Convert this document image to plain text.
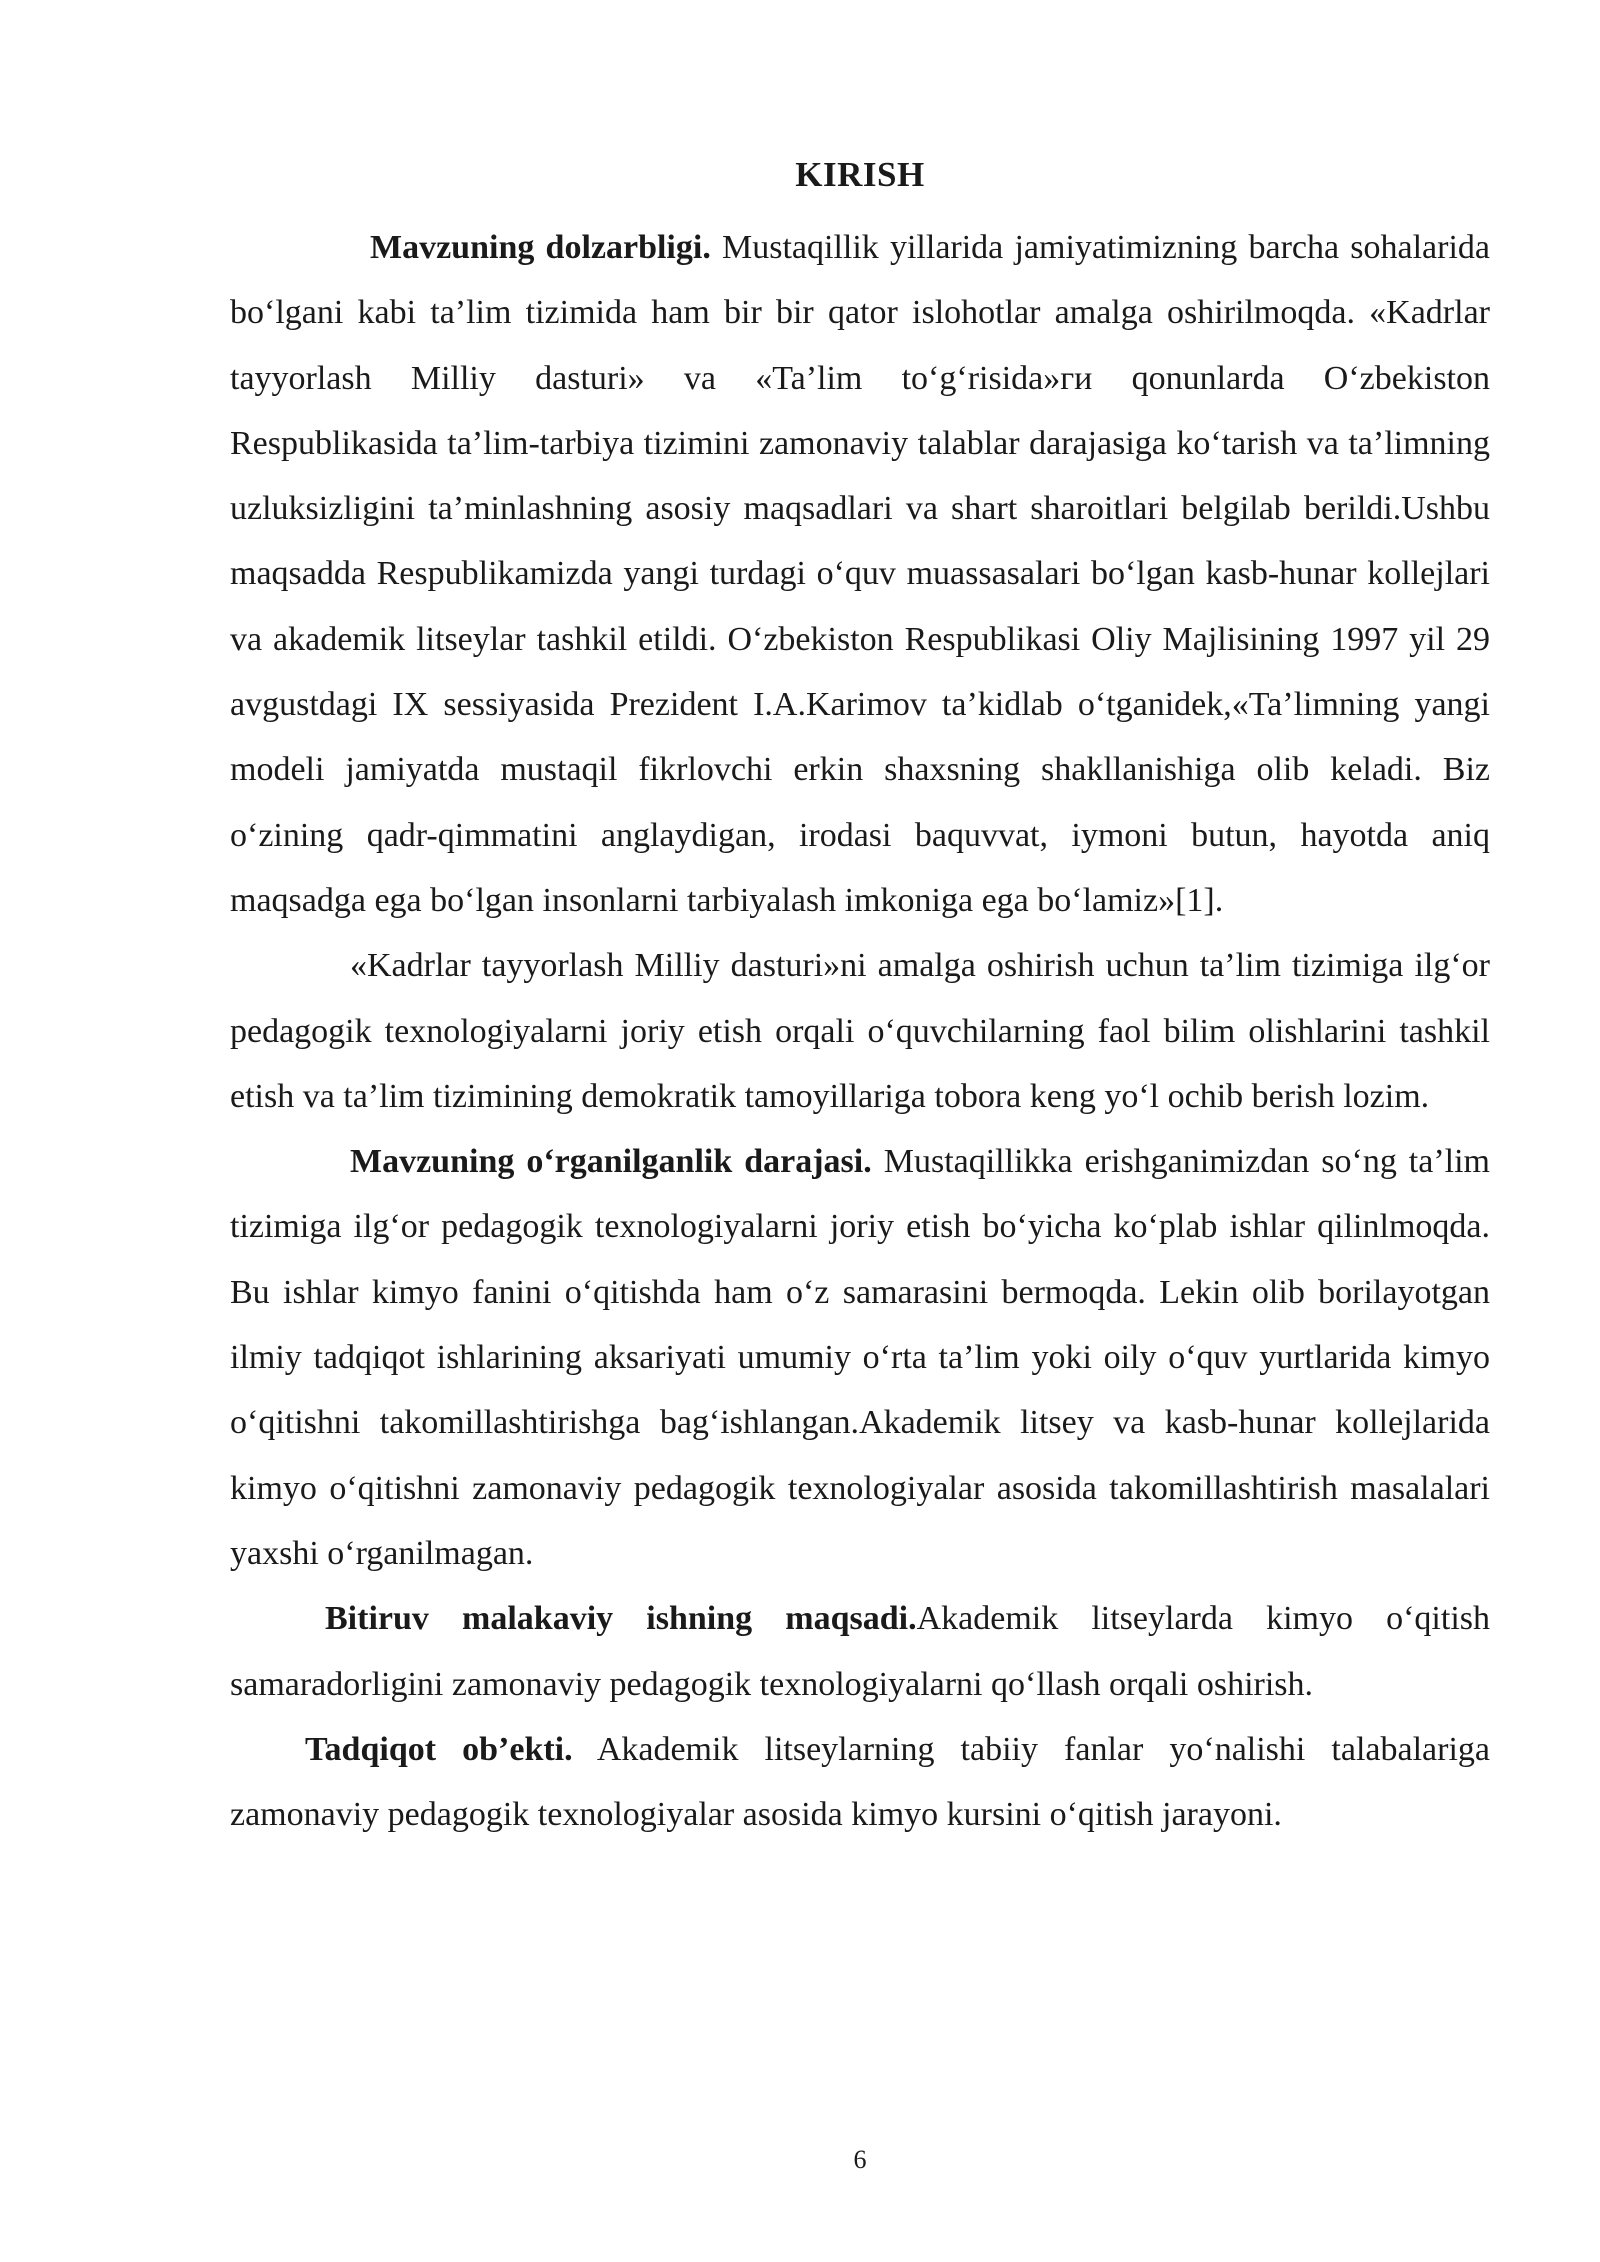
KIRISH

Mavzuning dolzarbligi. Mustaqillik yillarida jamiyatimizning barcha sohalarida bo‘lgani kabi ta’lim tizimida ham bir bir qator islohotlar amalga oshirilmoqda. «Kadrlar tayyorlash Milliy dasturi» va «Ta’lim to‘g‘risida»ги qonunlarda O‘zbekiston Respublikasida ta’lim-tarbiya tizimini zamonaviy talablar darajasiga ko‘tarish va ta’limning uzluksizligini ta’minlashning asosiy maqsadlari va shart sharoitlari belgilab berildi.Ushbu maqsadda Respublikamizda yangi turdagi o‘quv muassasalari bo‘lgan kasb-hunar kollejlari va akademik litseylar tashkil etildi. O‘zbekiston Respublikasi Oliy Majlisining 1997 yil 29 avgustdagi IX sessiyasida Prezident I.A.Karimov ta’kidlab o‘tganidek,«Ta’limning yangi modeli jamiyatda mustaqil fikrlovchi erkin shaxsning shakllanishiga olib keladi. Biz o‘zining qadr-qimmatini anglaydigan, irodasi baquvvat, iymoni butun, hayotda aniq maqsadga ega bo‘lgan insonlarni tarbiyalash imkoniga ega bo‘lamiz»[1].

«Kadrlar tayyorlash Milliy dasturi»ni amalga oshirish uchun ta’lim tizimiga ilg‘or pedagogik texnologiyalarni joriy etish orqali o‘quvchilarning faol bilim olishlarini tashkil etish va ta’lim tizimining demokratik tamoyillariga tobora keng yo‘l ochib berish lozim.

Mavzuning o‘rganilganlik darajasi. Mustaqillikka erishganimizdan so‘ng ta’lim tizimiga ilg‘or pedagogik texnologiyalarni joriy etish bo‘yicha ko‘plab ishlar qilinlmoqda. Bu ishlar kimyo fanini o‘qitishda ham o‘z samarasini bermoqda. Lekin olib borilayotgan ilmiy tadqiqot ishlarining aksariyati umumiy o‘rta ta’lim yoki oily o‘quv yurtlarida kimyo o‘qitishni takomillashtirishga bag‘ishlangan.Akademik litsey va kasb-hunar kollejlarida kimyo o‘qitishni zamonaviy pedagogik texnologiyalar asosida takomillashtirish masalalari yaxshi o‘rganilmagan.

Bitiruv malakaviy ishning maqsadi.Akademik litseylarda kimyo o‘qitish samaradorligini zamonaviy pedagogik texnologiyalarni qo‘llash orqali oshirish.

Tadqiqot ob’ekti. Akademik litseylarning tabiiy fanlar yo‘nalishi talabalariga zamonaviy pedagogik texnologiyalar asosida kimyo kursini o‘qitish jarayoni.

6
